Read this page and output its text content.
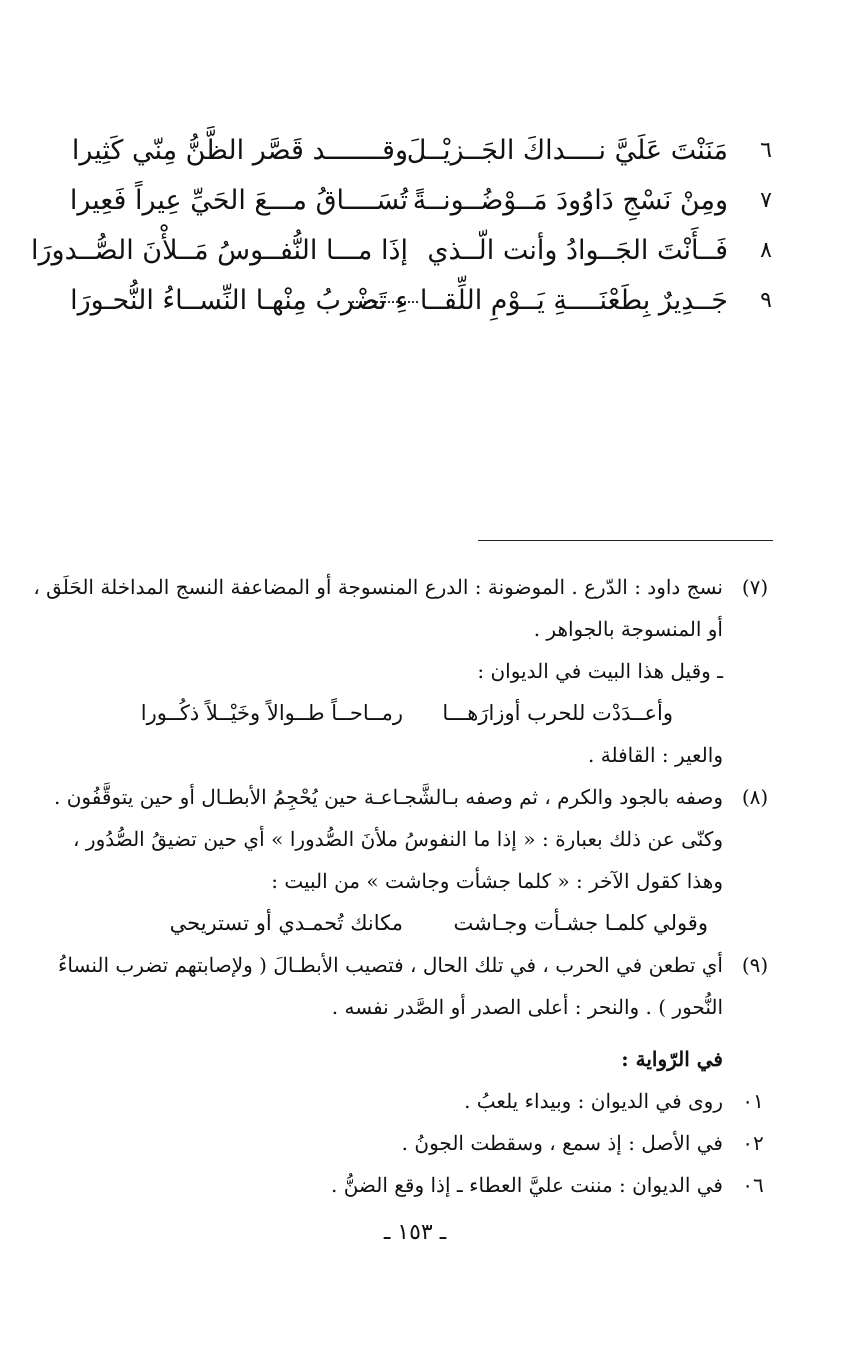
٦
مَنَنْتَ عَلَيَّ نــــداكَ الجَــزيْــلَ
وقـــــــد قَصَّر الظَّنُّ مِنّي كَثِيرا
٧
ومِنْ نَسْجِ دَاوُودَ مَــوْضُــونــةً
تُسَــــاقُ مـــعَ الحَيِّ عِيراً فَعِيرا
٨
فَــأَنْتَ الجَــوادُ وأنت الّــذي
إذَا مـــا النُّفــوسُ مَــلأْنَ الصُّــدورَا
٩
جَــدِيرٌ بِطَعْنَــــةِ يَــوْمِ اللِّقــا
ءِ تَضْربُ مِنْهـا النِّســاءُ النُّحـورَا
(٧)
نسج داود : الدّرع . الموضونة : الدرع المنسوجة أو المضاعفة النسج المداخلة الحَلَق ،
أو المنسوجة بالجواهر .
ـ وقيل هذا البيت في الديوان :
وأعــدَدْت للحرب أوزارَهـــا
رمــاحــاً طــوالاً وخَيْــلاً ذكُــورا
والعير : القافلة .
(٨)
وصفه بالجود والكرم ، ثم وصفه بـالشَّجـاعـة حين يُحْجِمُ الأبطـال أو حين يتوقَّفُون .
وكنّى عن ذلك بعبارة : « إذا ما النفوسُ ملأنَ الصُّدورا » أي حين تضيقُ الصُّدُور ،
وهذا كقول الآخر : « كلما جشأت وجاشت » من البيت :
وقولي كلمـا جشـأت وجـاشت
مكانك تُحمـدي أو تستريحي
(٩)
أي تطعن في الحرب ، في تلك الحال ، فتصيب الأبطـالَ ( ولإصابتهم تضرب النساءُ
النُّحور ) . والنحر : أعلى الصدر أو الصَّدر نفسه .
في الرّواية :
٠١
روى في الديوان : وبيداء يلعبُ .
٠٢
في الأصل : إذ سمع ، وسقطت الجونُ .
٠٦
في الديوان : مننت عليَّ العطاء ـ إذا وقع الضنُّ .
ـ ١٥٣ ـ
